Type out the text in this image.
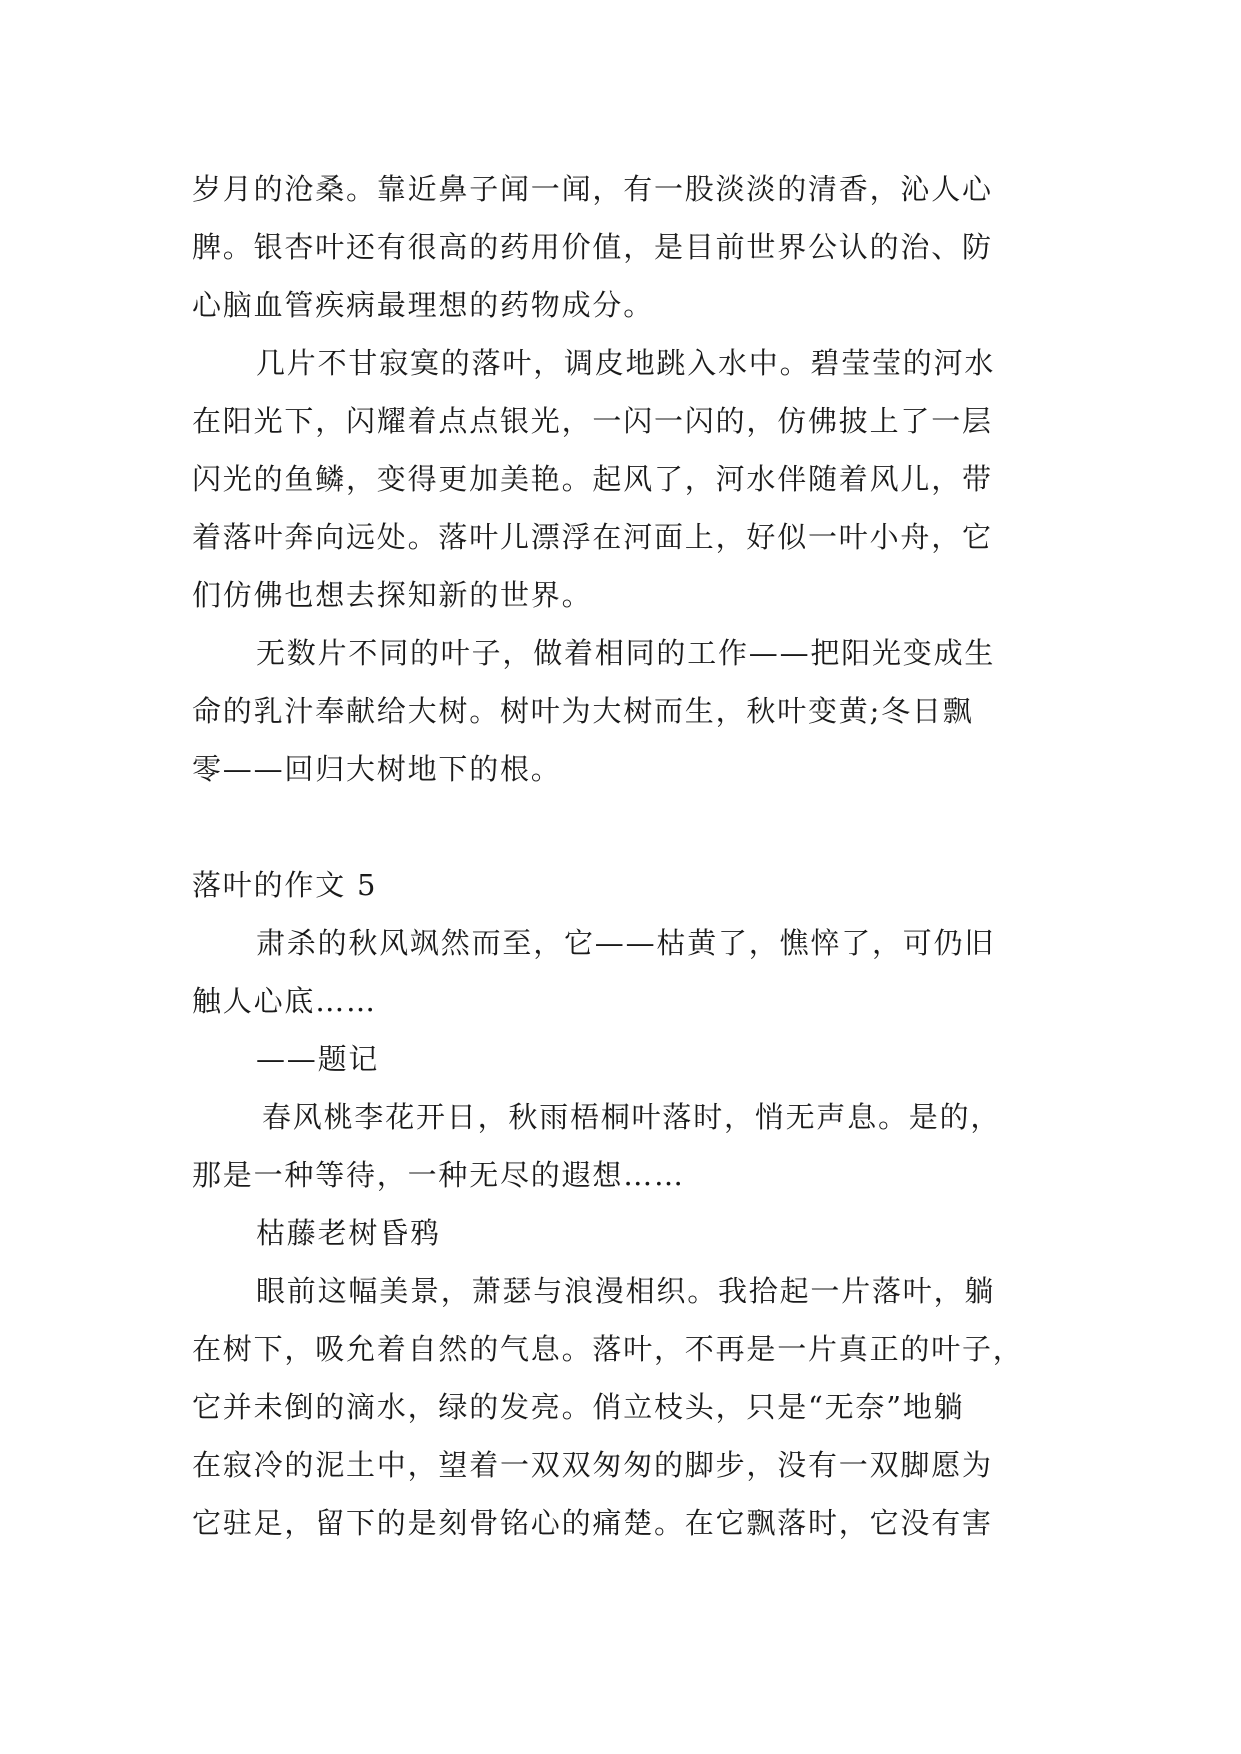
岁月的沧桑。靠近鼻子闻一闻，有一股淡淡的清香，沁人心
脾。银杏叶还有很高的药用价值，是目前世界公认的治、防
心脑血管疾病最理想的药物成分。
几片不甘寂寞的落叶，调皮地跳入水中。碧莹莹的河水
在阳光下，闪耀着点点银光，一闪一闪的，仿佛披上了一层
闪光的鱼鳞，变得更加美艳。起风了，河水伴随着风儿，带
着落叶奔向远处。落叶儿漂浮在河面上，好似一叶小舟，它
们仿佛也想去探知新的世界。
无数片不同的叶子，做着相同的工作——把阳光变成生
命的乳汁奉献给大树。树叶为大树而生，秋叶变黄;冬日飘
零——回归大树地下的根。
落叶的作文 5
肃杀的秋风飒然而至，它——枯黄了，憔悴了，可仍旧
触人心底……
——题记
春风桃李花开日，秋雨梧桐叶落时，悄无声息。是的，
那是一种等待，一种无尽的遐想……
枯藤老树昏鸦
眼前这幅美景，萧瑟与浪漫相织。我拾起一片落叶，躺
在树下，吸允着自然的气息。落叶，不再是一片真正的叶子，
它并未倒的滴水，绿的发亮。俏立枝头，只是“无奈”地躺
在寂冷的泥土中，望着一双双匆匆的脚步，没有一双脚愿为
它驻足，留下的是刻骨铭心的痛楚。在它飘落时，它没有害
